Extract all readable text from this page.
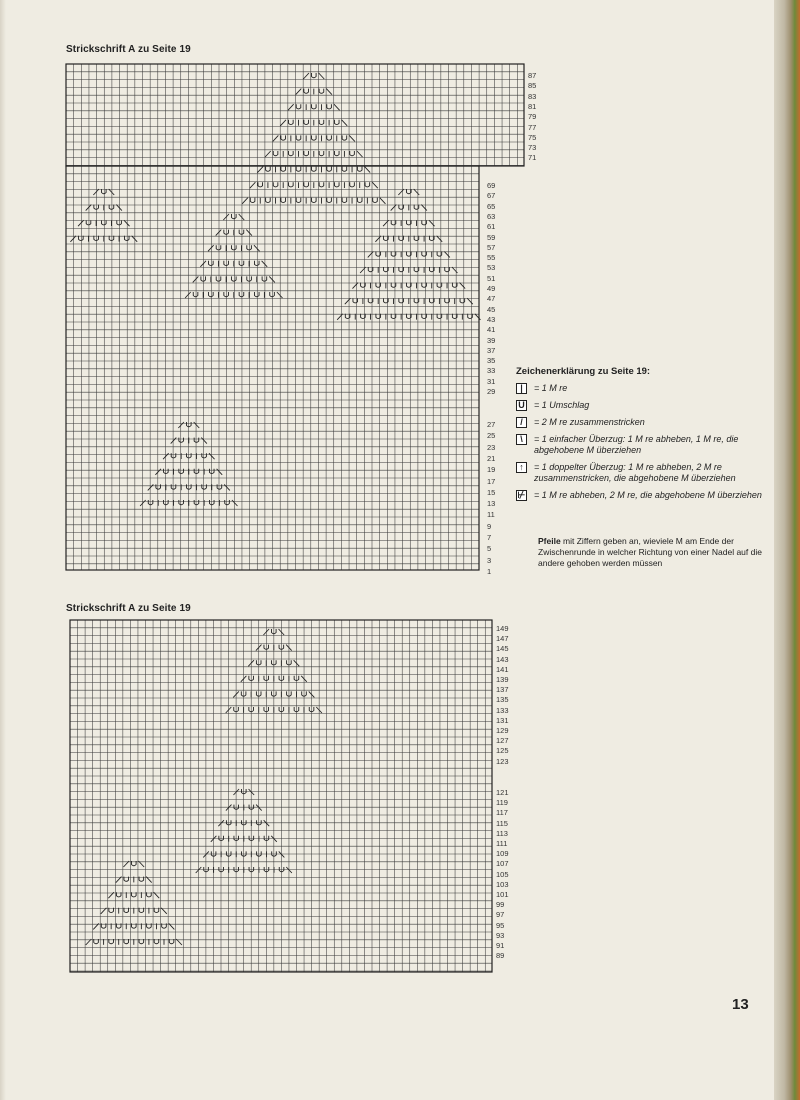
Strickschrift A zu Seite 19
Strickschrift A zu Seite 19
87
85
83
81
79
77
75
73
71
69
67
65
63
61
59
57
55
53
51
49
47
45
43
41
39
37
35
33
31
29
27
25
23
21
19
17
15
13
11
9
7
5
3
1
149
147
145
143
141
139
137
135
133
131
129
127
125
123
121
119
117
115
113
111
109
107
105
103
101
99
97
95
93
91
89
Zeichenerklärung zu Seite 19:
|	= 1 M re
U = 1 Umschlag
/	= 2 M re zusammenstricken
\	= 1 einfacher Überzug: 1 M re abheben, 1 M re, die abgehobene M überziehen
↑	= 1 doppelter Überzug: 1 M re abheben, 2 M re zusammenstricken, die abgehobene M überziehen
⊬ = 1 M re abheben, 2 M re, die abgehobene M überziehen
Pfeile mit Ziffern geben an, wieviele M am Ende der Zwischenrunde in welcher Richtung von einer Nadel auf die andere gehoben werden müssen
13
